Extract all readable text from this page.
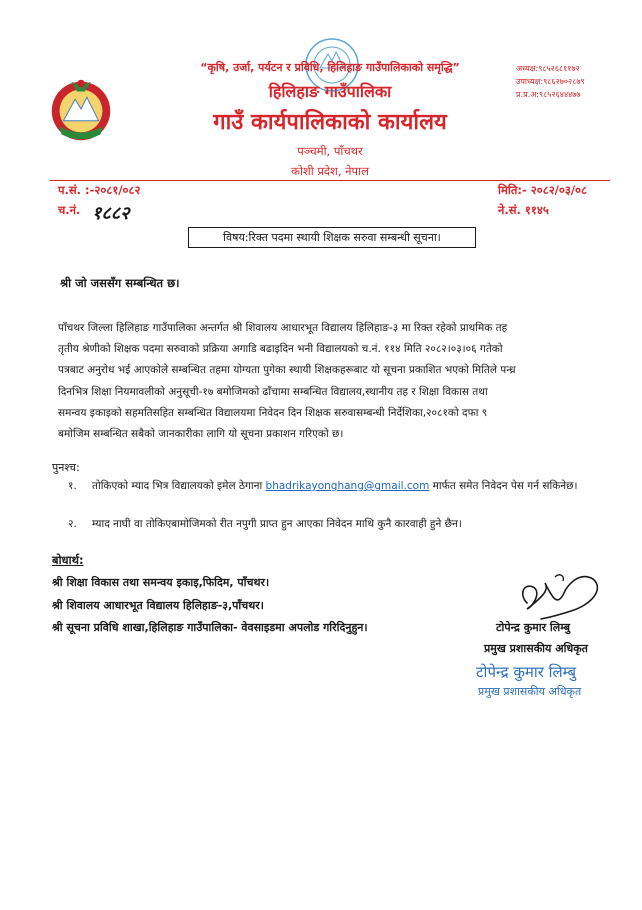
“कृषि, उर्जा, पर्यटन र प्रविधि, हिलिहाङ गाउँपालिकाको समृद्धि”
हिलिहाङ गाउँपालिका
गाउँ कार्यपालिकाको कार्यालय
पञ्चमी, पाँचथर
कोशी प्रदेश, नेपाल
अध्यक्ष:९८५२६८११७२
उपाध्यक्ष:९८६२७०२८७९
प्र.प्र.अ:९८५२६४४४७७
प.सं. :-२०८१/०८२
च.नं. १८८२
मिति:- २०८२/०३/०८
ने.सं. ११४५
विषय:रिक्त पदमा स्थायी शिक्षक सरुवा सम्बन्धी सूचना।
श्री जो जससँग सम्बन्धित छ।
पाँचथर जिल्ला हिलिहाङ गाउँपालिका अन्तर्गत श्री शिवालय आधारभूत विद्यालय हिलिहाङ-३ मा रिक्त रहेको प्राथमिक तह
तृतीय श्रेणीको शिक्षक पदमा सरुवाको प्रक्रिया अगाडि बढाइदिन भनी विद्यालयको च.नं. ११४ मिति २०८२।०३।०६ गतेको
पत्रबाट अनुरोध भई आएकोले सम्बन्धित तहमा योग्यता पुगेका स्थायी शिक्षकहरूबाट यो सूचना प्रकाशित भएको मितिले पन्ध्र
दिनभित्र शिक्षा नियमावलीको अनुसूची-१७ बमोजिमको ढाँचामा सम्बन्धित विद्यालय,स्थानीय तह र शिक्षा विकास तथा
समन्वय इकाइको सहमतिसहित सम्बन्धित विद्यालयमा निवेदन दिन शिक्षक सरुवासम्बन्धी निर्देशिका,२०८१को दफा ९
बमोजिम सम्बन्धित सबैको जानकारीका लागि यो सूचना प्रकाशन गरिएको छ।
पुनश्च:
१. तोकिएको म्याद भित्र विद्यालयको इमेल ठेगाना bhadrikayonghang@gmail.com मार्फत समेत निवेदन पेस गर्न सकिनेछ।
२. म्याद नाघी वा तोकिएबामोजिमको रीत नपुगी प्राप्त हुन आएका निवेदन माथि कुनै कारवाही हुने छैन।
बोधार्थ:
श्री शिक्षा विकास तथा समन्वय इकाइ,फिदिम, पाँचथर।
श्री शिवालय आधारभूत विद्यालय हिलिहाङ-३,पाँचथर।
श्री सूचना प्रविधि शाखा,हिलिहाङ गाउँपालिका- वेवसाइडमा अपलोड गरिदिनुहुन।	टोपेन्द्र कुमार लिम्बु
प्रमुख प्रशासकीय अधिकृत
टोपेन्द्र कुमार लिम्बु
प्रमुख प्रशासकीय अधिकृत
